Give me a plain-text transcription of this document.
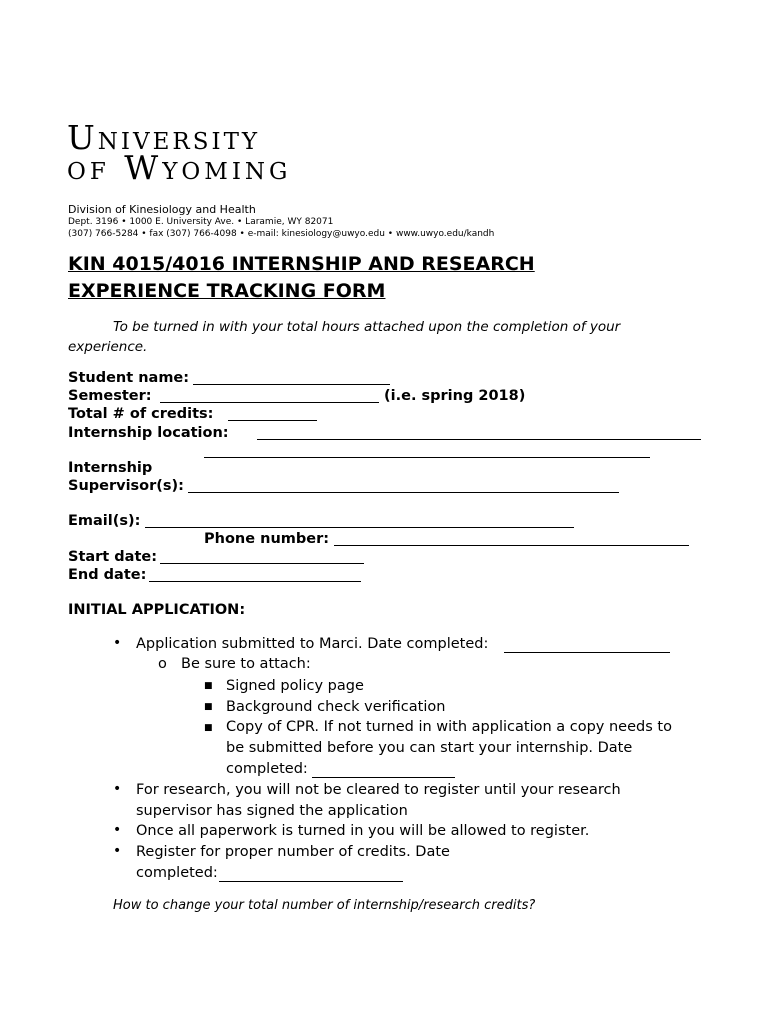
University
of Wyoming
Division of Kinesiology and Health
Dept. 3196 • 1000 E. University Ave. • Laramie, WY 82071
(307) 766-5284 • fax (307) 766-4098 • e-mail: kinesiology@uwyo.edu • www.uwyo.edu/kandh
KIN 4015/4016 INTERNSHIP AND RESEARCH
EXPERIENCE TRACKING FORM
To be turned in with your total hours attached upon the completion of your experience.
Student name:
Semester:	(i.e. spring 2018)
Total # of credits:
Internship location:
Internship
Supervisor(s):
Email(s):
Phone number:
Start date:
End date:
INITIAL APPLICATION:
• Application submitted to Marci. Date completed:
o Be sure to attach:
■ Signed policy page
■ Background check verification
■ Copy of CPR. If not turned in with application a copy needs to
be submitted before you can start your internship. Date
completed:
• For research, you will not be cleared to register until your research
supervisor has signed the application
• Once all paperwork is turned in you will be allowed to register.
• Register for proper number of credits. Date
completed:
How to change your total number of internship/research credits?
